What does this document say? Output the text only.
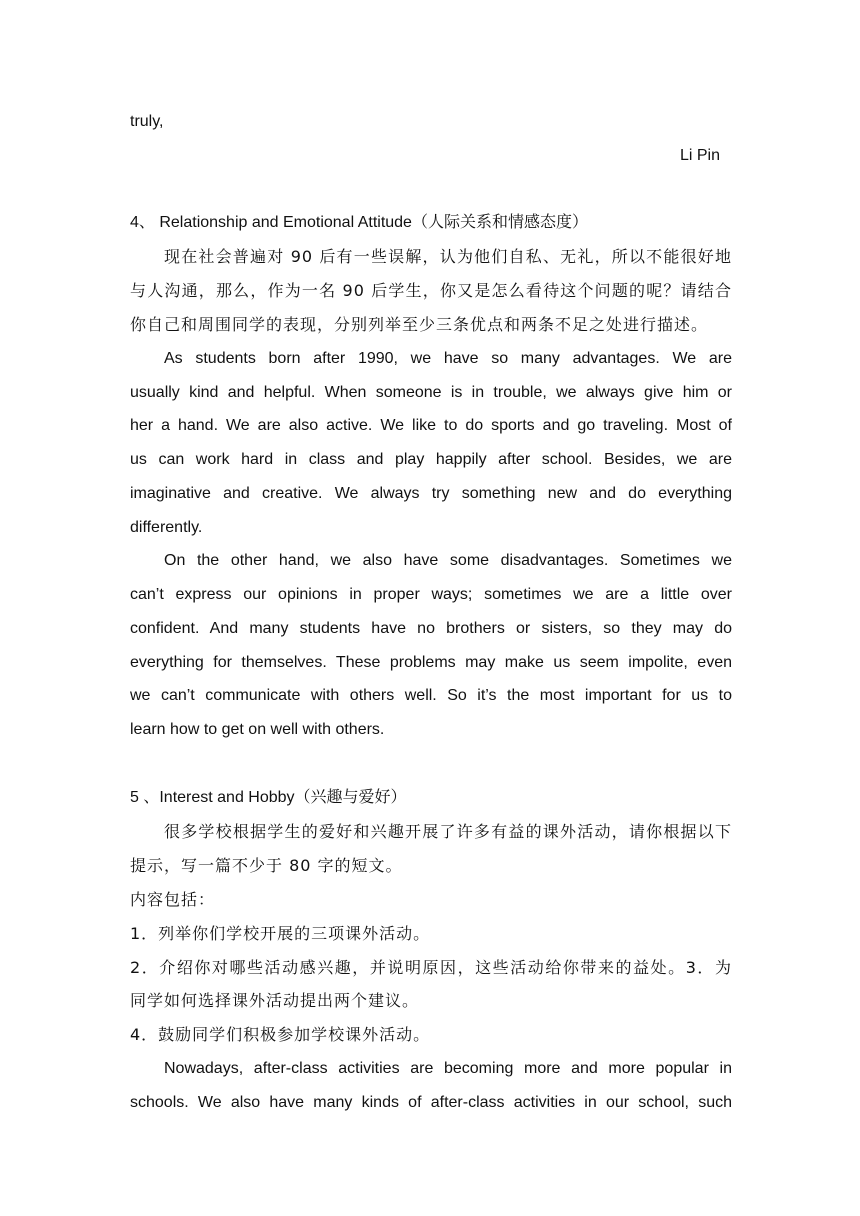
truly,
Li Pin
4、 Relationship and Emotional Attitude（人际关系和情感态度）
现在社会普遍对 90 后有一些误解，认为他们自私、无礼，所以不能很好地
与人沟通，那么，作为一名 90 后学生，你又是怎么看待这个问题的呢？请结合
你自己和周围同学的表现，分别列举至少三条优点和两条不足之处进行描述。
As students born after 1990, we have so many advantages. We are
usually kind and helpful. When someone is in trouble, we always give him or
her a hand. We are also active. We like to do sports and go traveling. Most of
us can work hard in class and play happily after school. Besides, we are
imaginative and creative. We always try something new and do everything
differently.
On the other hand, we also have some disadvantages. Sometimes we
can’t express our opinions in proper ways; sometimes we are a little over
confident. And many students have no brothers or sisters, so they may do
everything for themselves. These problems may make us seem impolite, even
we can’t communicate with others well. So it’s the most important for us to
learn how to get on well with others.
5 、Interest and Hobby（兴趣与爱好）
很多学校根据学生的爱好和兴趣开展了许多有益的课外活动，请你根据以下
提示，写一篇不少于 80 字的短文。
内容包括：
1．列举你们学校开展的三项课外活动。
2．介绍你对哪些活动感兴趣，并说明原因，这些活动给你带来的益处。3．为
同学如何选择课外活动提出两个建议。
4．鼓励同学们积极参加学校课外活动。
Nowadays, after-class activities are becoming more and more popular in
schools. We also have many kinds of after-class activities in our school, such
